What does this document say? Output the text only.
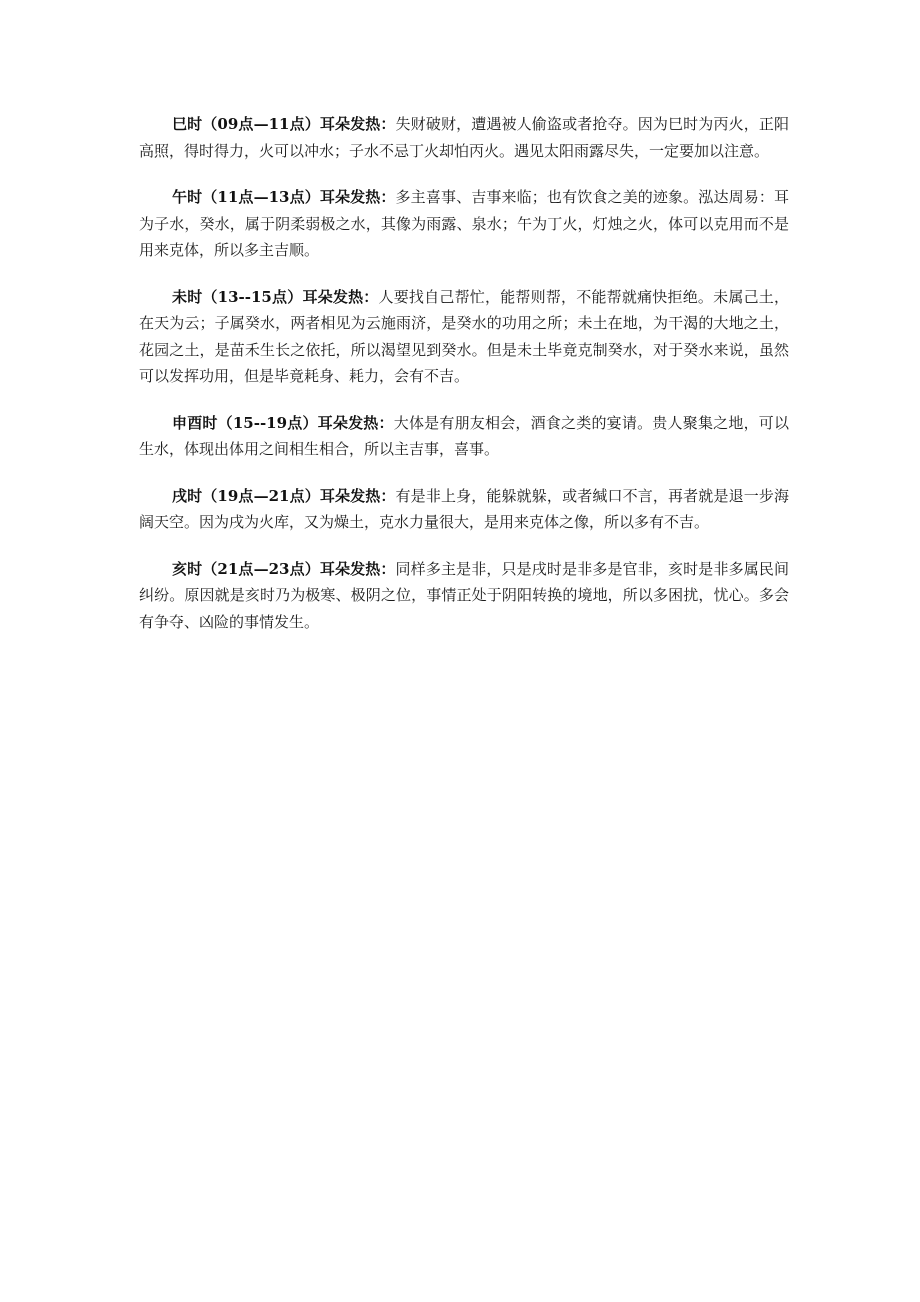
巳时（09点—11点）耳朵发热：失财破财，遭遇被人偷盗或者抢夺。因为巳时为丙火，正阳高照，得时得力，火可以冲水；子水不忌丁火却怕丙火。遇见太阳雨露尽失，一定要加以注意。

午时（11点—13点）耳朵发热：多主喜事、吉事来临；也有饮食之美的迹象。泓达周易：耳为子水，癸水，属于阴柔弱极之水，其像为雨露、泉水；午为丁火，灯烛之火，体可以克用而不是用来克体，所以多主吉顺。

未时（13--15点）耳朵发热：人要找自己帮忙，能帮则帮，不能帮就痛快拒绝。未属己土，在天为云；子属癸水，两者相见为云施雨济，是癸水的功用之所；未土在地，为干渴的大地之土，花园之土，是苗禾生长之依托，所以渴望见到癸水。但是未土毕竟克制癸水，对于癸水来说，虽然可以发挥功用，但是毕竟耗身、耗力，会有不吉。

申酉时（15--19点）耳朵发热：大体是有朋友相会，酒食之类的宴请。贵人聚集之地，可以生水，体现出体用之间相生相合，所以主吉事，喜事。

戌时（19点—21点）耳朵发热：有是非上身，能躲就躲，或者缄口不言，再者就是退一步海阔天空。因为戌为火库，又为燥土，克水力量很大，是用来克体之像，所以多有不吉。

亥时（21点—23点）耳朵发热：同样多主是非，只是戌时是非多是官非，亥时是非多属民间纠纷。原因就是亥时乃为极寒、极阴之位，事情正处于阴阳转换的境地，所以多困扰，忧心。多会有争夺、凶险的事情发生。
